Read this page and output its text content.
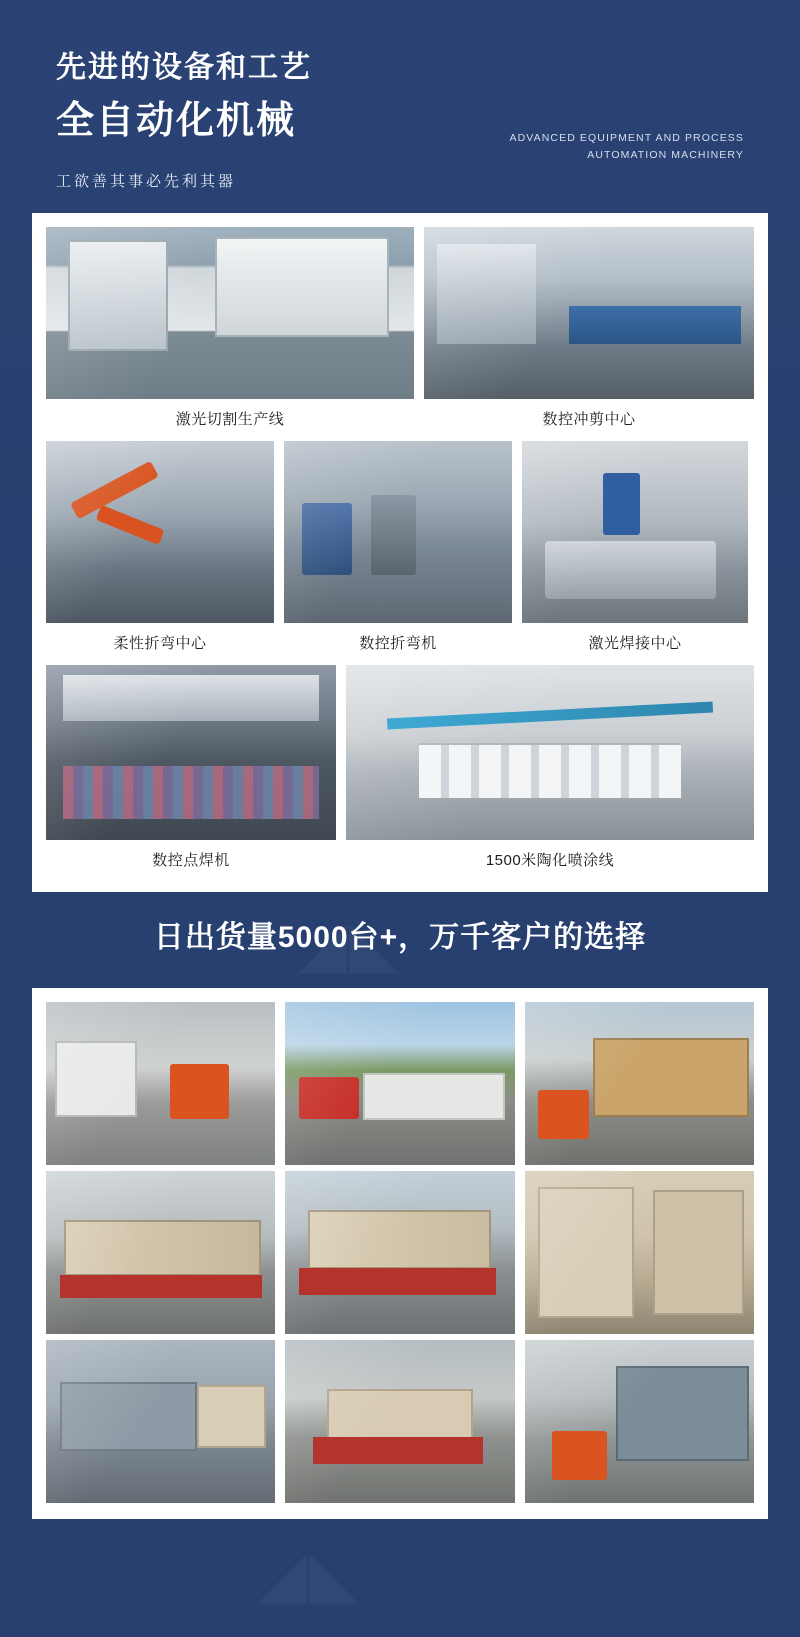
先进的设备和工艺
全自动化机械
工欲善其事必先利其器
ADVANCED EQUIPMENT AND PROCESS
AUTOMATION MACHINERY
激光切割生产线	数控冲剪中心
柔性折弯中心	数控折弯机	激光焊接中心
数控点焊机	1500米陶化喷涂线
日出货量5000台+，万千客户的选择
